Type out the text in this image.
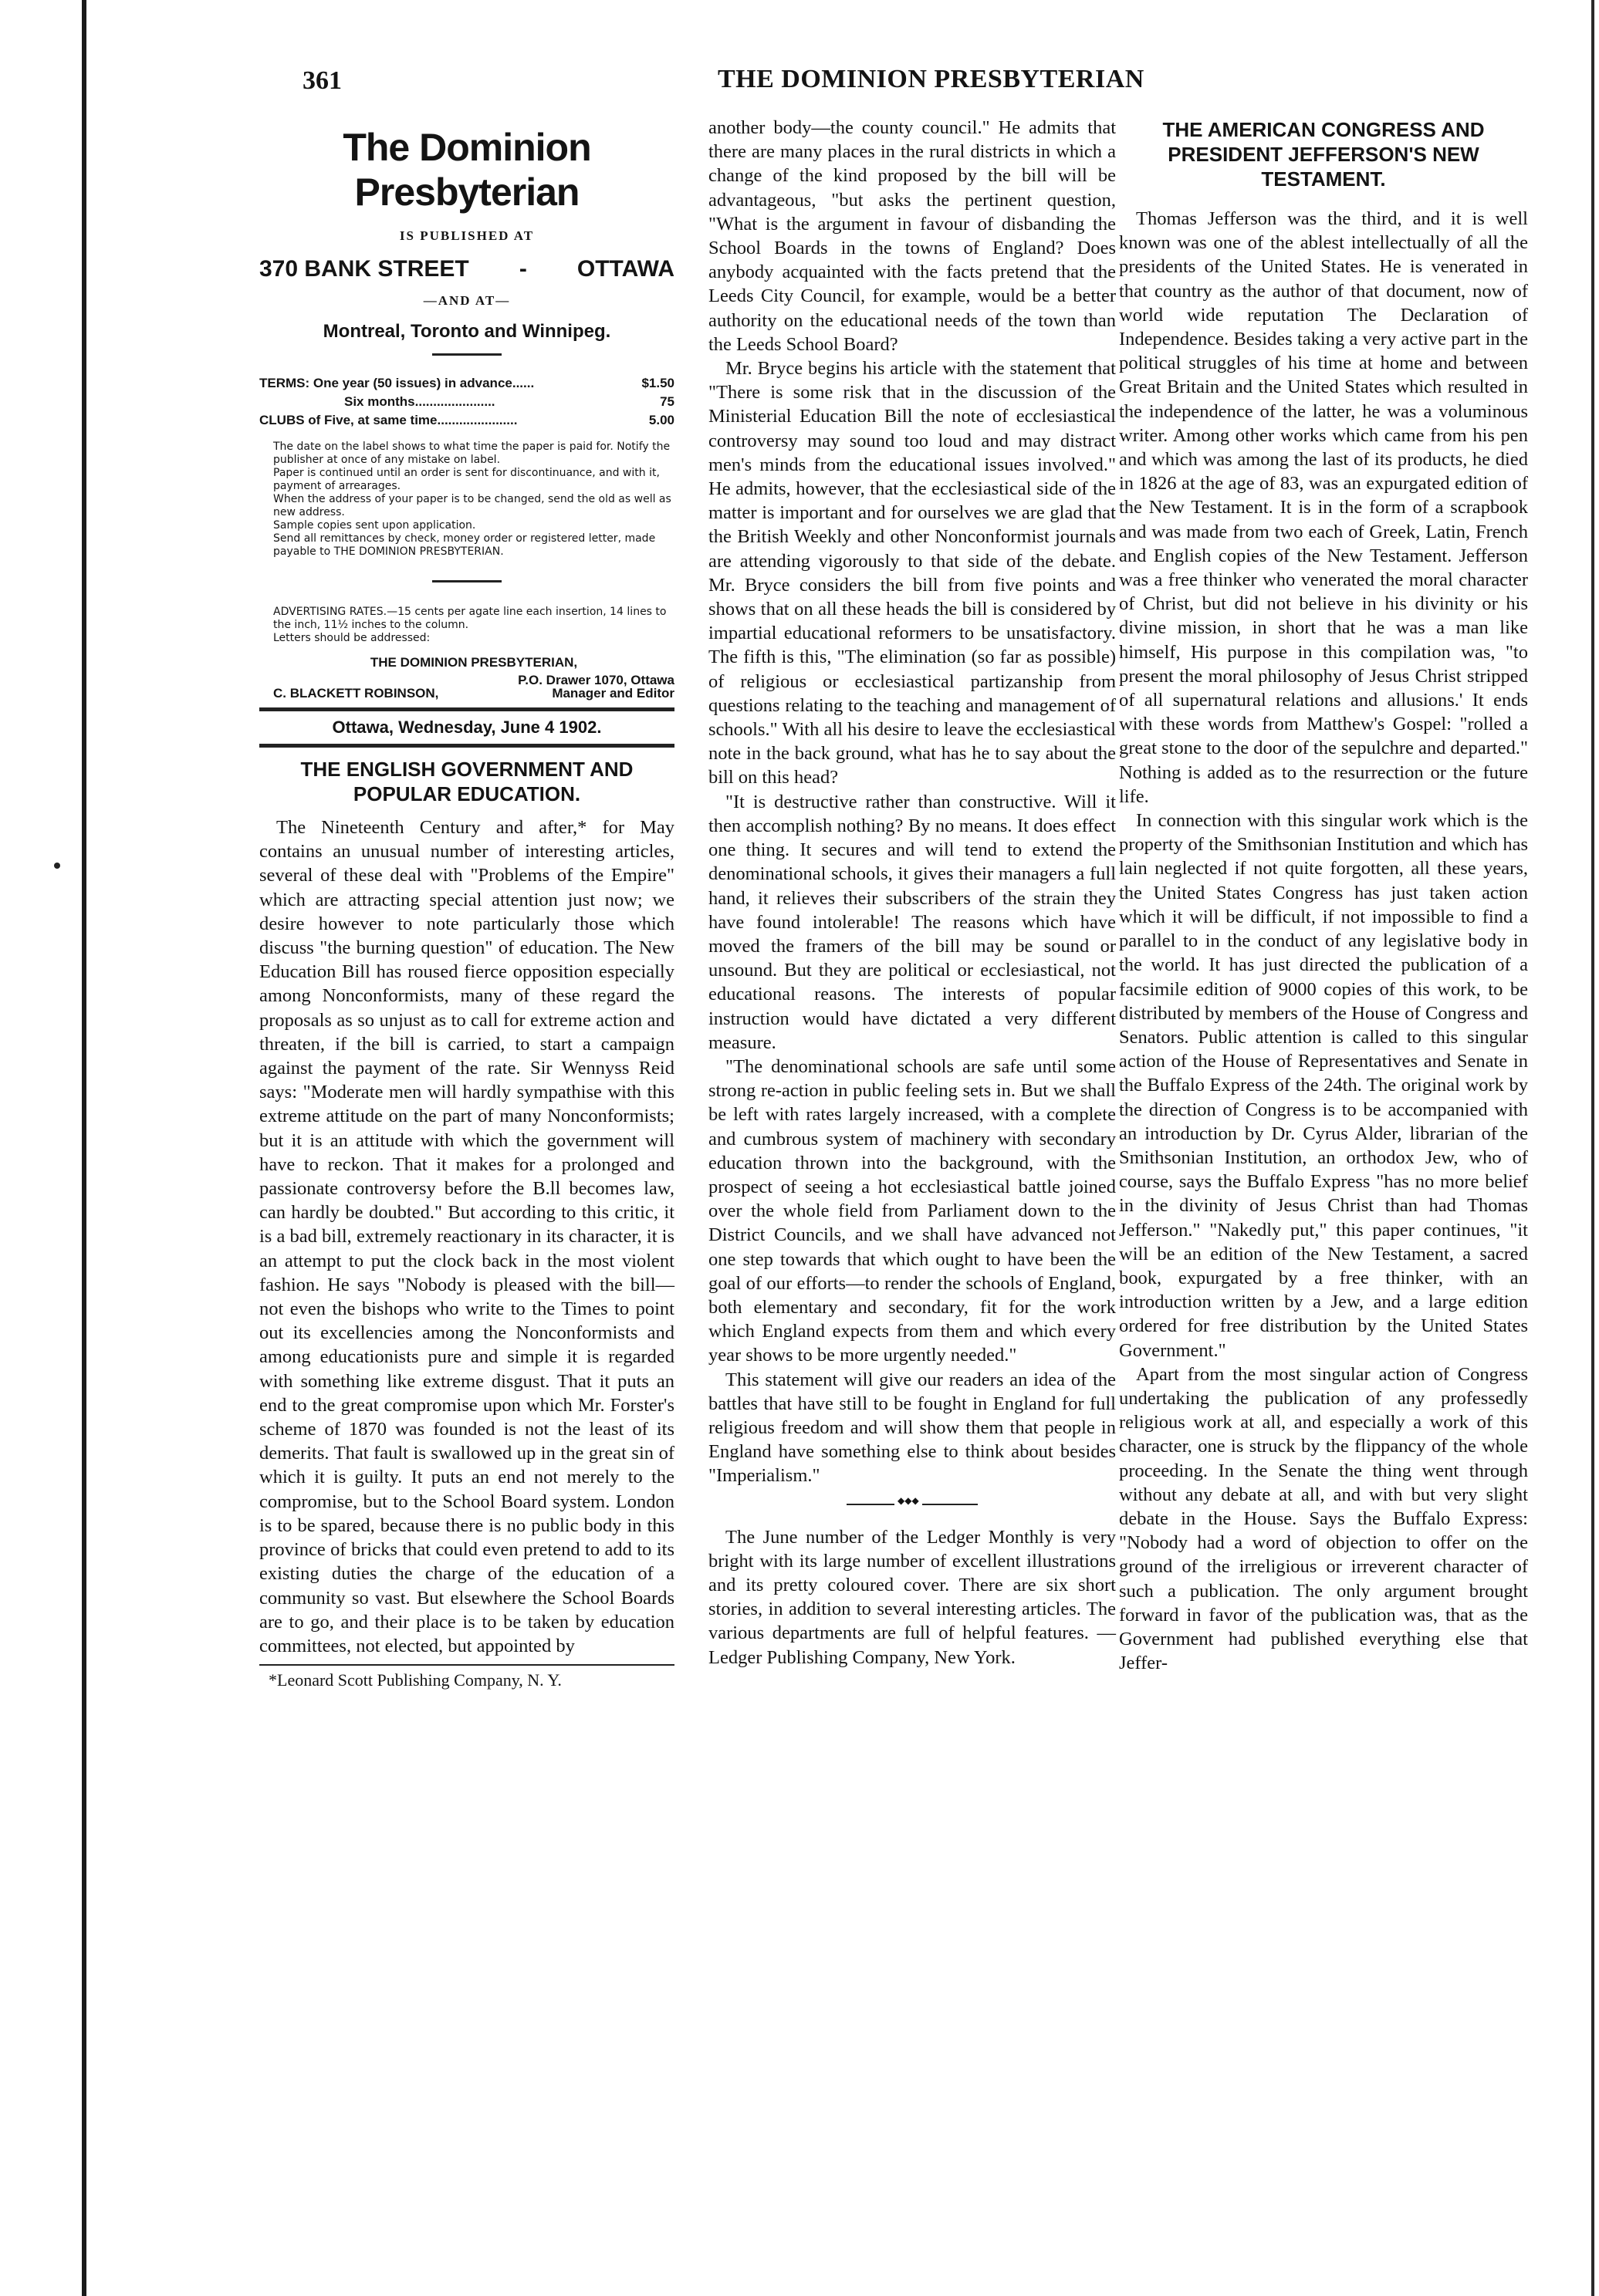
361	THE DOMINION PRESBYTERIAN
The Dominion Presbyterian
IS PUBLISHED AT
370 BANK STREET - OTTAWA
—AND AT—
Montreal, Toronto and Winnipeg.
TERMS: One year (50 issues) in advance......	$1.50
Six months......................	75
CLUBS of Five, at same time......................	5.00

The date on the label shows to what time the paper is paid for. Notify the publisher at once of any mistake on label.

Paper is continued until an order is sent for discontinuance, and with it, payment of arrearages.

When the address of your paper is to be changed, send the old as well as new address.

Sample copies sent upon application.

Send all remittances by check, money order or registered letter, made payable to THE DOMINION PRESBYTERIAN.

ADVERTISING RATES.—15 cents per agate line each insertion, 14 lines to the inch, 11½ inches to the column.

Letters should be addressed:

THE DOMINION PRESBYTERIAN,

P.O. Drawer 1070, Ottawa

C. BLACKETT ROBINSON,	Manager and Editor

Ottawa, Wednesday, June 4 1902.
THE ENGLISH GOVERNMENT AND POPULAR EDUCATION.

The Nineteenth Century and after,* for May contains an unusual number of interesting articles, several of these deal with "Problems of the Empire" which are attracting special attention just now; we desire however to note particularly those which discuss "the burning question" of education. The New Education Bill has roused fierce opposition especially among Nonconformists, many of these regard the proposals as so unjust as to call for extreme action and threaten, if the bill is carried, to start a campaign against the payment of the rate. Sir Wennyss Reid says: "Moderate men will hardly sympathise with this extreme attitude on the part of many Nonconformists; but it is an attitude with which the government will have to reckon. That it makes for a prolonged and passionate controversy before the B.ll becomes law, can hardly be doubted." But according to this critic, it is a bad bill, extremely reactionary in its character, it is an attempt to put the clock back in the most violent fashion. He says "Nobody is pleased with the bill—not even the bishops who write to the Times to point out its excellencies among the Nonconformists and among educationists pure and simple it is regarded with something like extreme disgust. That it puts an end to the great compromise upon which Mr. Forster's scheme of 1870 was founded is not the least of its demerits. That fault is swallowed up in the great sin of which it is guilty. It puts an end not merely to the compromise, but to the School Board system. London is to be spared, because there is no public body in this province of bricks that could even pretend to add to its existing duties the charge of the education of a community so vast. But elsewhere the School Boards are to go, and their place is to be taken by education committees, not elected, but appointed by

*Leonard Scott Publishing Company, N. Y.

another body—the county council." He admits that there are many places in the rural districts in which a change of the kind proposed by the bill will be advantageous, "but asks the pertinent question, "What is the argument in favour of disbanding the School Boards in the towns of England? Does anybody acquainted with the facts pretend that the Leeds City Council, for example, would be a better authority on the educational needs of the town than the Leeds School Board?

Mr. Bryce begins his article with the statement that "There is some risk that in the discussion of the Ministerial Education Bill the note of ecclesiastical controversy may sound too loud and may distract men's minds from the educational issues involved." He admits, however, that the ecclesiastical side of the matter is important and for ourselves we are glad that the British Weekly and other Nonconformist journals are attending vigorously to that side of the debate. Mr. Bryce considers the bill from five points and shows that on all these heads the bill is considered by impartial educational reformers to be unsatisfactory. The fifth is this, "The elimination (so far as possible) of religious or ecclesiastical partizanship from questions relating to the teaching and management of schools." With all his desire to leave the ecclesiastical note in the back ground, what has he to say about the bill on this head?

"It is destructive rather than constructive. Will it then accomplish nothing? By no means. It does effect one thing. It secures and will tend to extend the denominational schools, it gives their managers a full hand, it relieves their subscribers of the strain they have found intolerable! The reasons which have moved the framers of the bill may be sound or unsound. But they are political or ecclesiastical, not educational reasons. The interests of popular instruction would have dictated a very different measure.

"The denominational schools are safe until some strong re-action in public feeling sets in. But we shall be left with rates largely increased, with a complete and cumbrous system of machinery with secondary education thrown into the background, with the prospect of seeing a hot ecclesiastical battle joined over the whole field from Parliament down to the District Councils, and we shall have advanced not one step towards that which ought to have been the goal of our efforts—to render the schools of England, both elementary and secondary, fit for the work which England expects from them and which every year shows to be more urgently needed."

This statement will give our readers an idea of the battles that have still to be fought in England for full religious freedom and will show them that people in England have something else to think about besides "Imperialism."

◆◆◆

The June number of the Ledger Monthly is very bright with its large number of excellent illustrations and its pretty coloured cover. There are six short stories, in addition to several interesting articles. The various departments are full of helpful features. —Ledger Publishing Company, New York.

THE AMERICAN CONGRESS AND PRESIDENT JEFFERSON'S NEW TESTAMENT.

Thomas Jefferson was the third, and it is well known was one of the ablest intellectually of all the presidents of the United States. He is venerated in that country as the author of that document, now of world wide reputation The Declaration of Independence. Besides taking a very active part in the political struggles of his time at home and between Great Britain and the United States which resulted in the independence of the latter, he was a voluminous writer. Among other works which came from his pen and which was among the last of its products, he died in 1826 at the age of 83, was an expurgated edition of the New Testament. It is in the form of a scrapbook and was made from two each of Greek, Latin, French and English copies of the New Testament. Jefferson was a free thinker who venerated the moral character of Christ, but did not believe in his divinity or his divine mission, in short that he was a man like himself, His purpose in this compilation was, "to present the moral philosophy of Jesus Christ stripped of all supernatural relations and allusions.' It ends with these words from Matthew's Gospel: "rolled a great stone to the door of the sepulchre and departed." Nothing is added as to the resurrection or the future life.

In connection with this singular work which is the property of the Smithsonian Institution and which has lain neglected if not quite forgotten, all these years, the United States Congress has just taken action which it will be difficult, if not impossible to find a parallel to in the conduct of any legislative body in the world. It has just directed the publication of a facsimile edition of 9000 copies of this work, to be distributed by members of the House of Congress and Senators. Public attention is called to this singular action of the House of Representatives and Senate in the Buffalo Express of the 24th. The original work by the direction of Congress is to be accompanied with an introduction by Dr. Cyrus Alder, librarian of the Smithsonian Institution, an orthodox Jew, who of course, says the Buffalo Express "has no more belief in the divinity of Jesus Christ than had Thomas Jefferson." "Nakedly put," this paper continues, "it will be an edition of the New Testament, a sacred book, expurgated by a free thinker, with an introduction written by a Jew, and a large edition ordered for free distribution by the United States Government."

Apart from the most singular action of Congress undertaking the publication of any professedly religious work at all, and especially a work of this character, one is struck by the flippancy of the whole proceeding. In the Senate the thing went through without any debate at all, and with but very slight debate in the House. Says the Buffalo Express: "Nobody had a word of objection to offer on the ground of the irreligious or irreverent character of such a publication. The only argument brought forward in favor of the publication was, that as the Government had published everything else that Jeffer-
